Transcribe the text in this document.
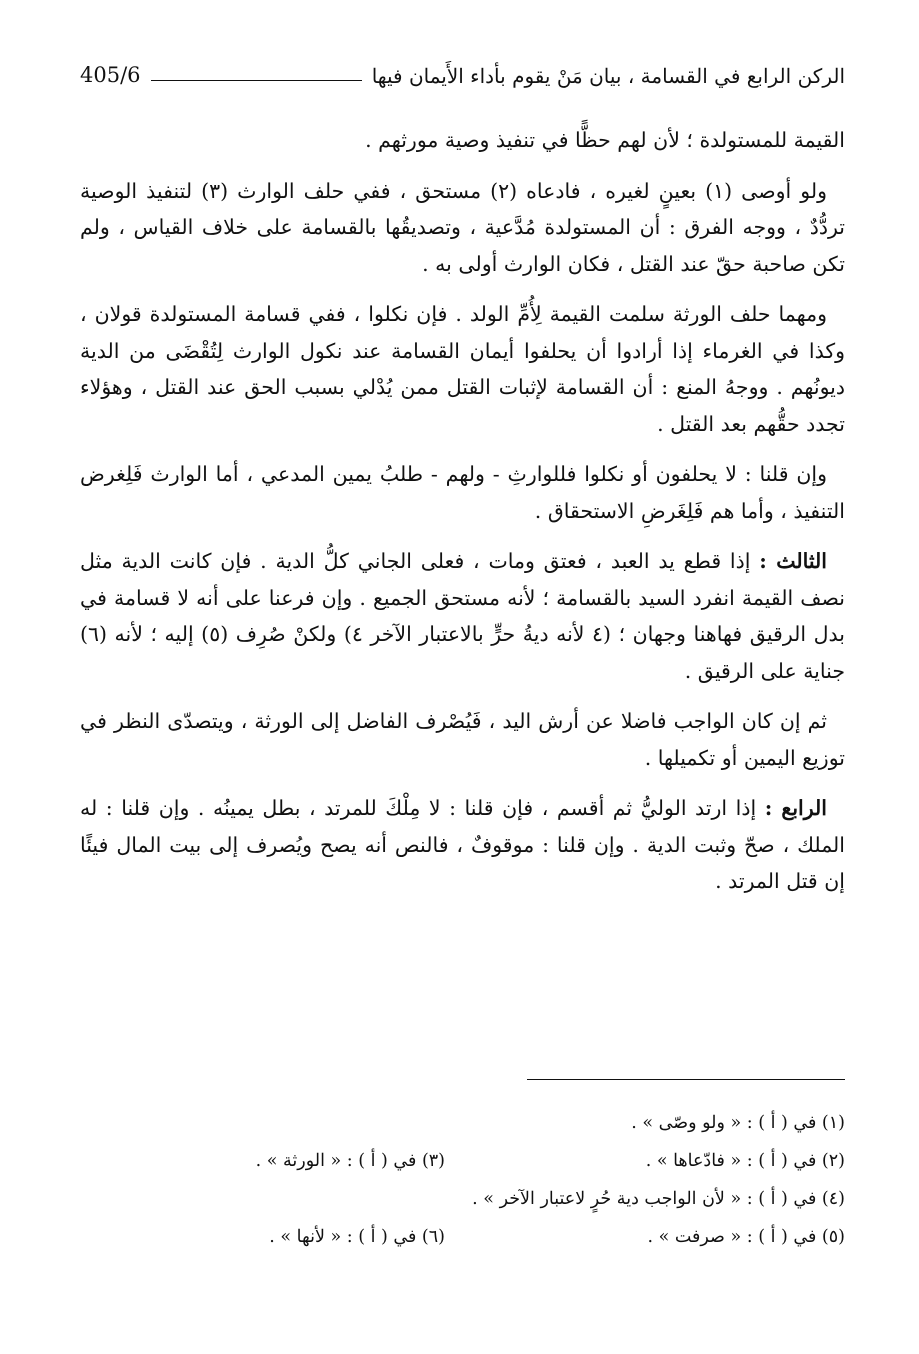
الركن الرابع في القسامة ، بيان مَنْ يقوم بأداء الأَيمان فيها
405/6

القيمة للمستولدة ؛ لأن لهم حظًّا في تنفيذ وصية مورثهم .

ولو أوصى (١) بعينٍ لغيره ، فادعاه (٢) مستحق ، ففي حلف الوارث (٣) لتنفيذ الوصية تردُّدٌ ، ووجه الفرق : أن المستولدة مُدَّعية ، وتصديقُها بالقسامة على خلاف القياس ، ولم تكن صاحبة حقّ عند القتل ، فكان الوارث أولى به .

ومهما حلف الورثة سلمت القيمة لِأُمِّ الولد . فإن نكلوا ، ففي قسامة المستولدة قولان ، وكذا في الغرماء إذا أرادوا أن يحلفوا أيمان القسامة عند نكول الوارث لِتُقْضَى من الدية ديونُهم . ووجهُ المنع : أن القسامة لإثبات القتل ممن يُدْلي بسبب الحق عند القتل ، وهؤلاء تجدد حقُّهم بعد القتل .

وإن قلنا : لا يحلفون أو نكلوا فللوارثِ - ولهم - طلبُ يمين المدعي ، أما الوارث فَلِغرض التنفيذ ، وأما هم فَلِغَرضِ الاستحقاق .

الثالث : إذا قطع يد العبد ، فعتق ومات ، فعلى الجاني كلُّ الدية . فإن كانت الدية مثل نصف القيمة انفرد السيد بالقسامة ؛ لأنه مستحق الجميع . وإن فرعنا على أنه لا قسامة في بدل الرقيق فهاهنا وجهان ؛ (٤ لأنه ديةُ حرٍّ بالاعتبار الآخر ٤) ولكنْ صُرِف (٥) إليه ؛ لأنه (٦) جناية على الرقيق .

ثم إن كان الواجب فاضلا عن أرش اليد ، فَيُصْرف الفاضل إلى الورثة ، ويتصدّى النظر في توزيع اليمين أو تكميلها .

الرابع : إذا ارتد الوليُّ ثم أقسم ، فإن قلنا : لا مِلْكَ للمرتد ، بطل يمينُه . وإن قلنا : له الملك ، صحّ وثبت الدية . وإن قلنا : موقوفٌ ، فالنص أنه يصح ويُصرف إلى بيت المال فيئًا إن قتل المرتد .

(١) في ( أ ) : « ولو وصّى » .
(٢) في ( أ ) : « فادّعاها » .
(٣) في ( أ ) : « الورثة » .
(٤) في ( أ ) : « لأن الواجب دية حُرٍ لاعتبار الآخر » .
(٥) في ( أ ) : « صرفت » .
(٦) في ( أ ) : « لأنها » .
